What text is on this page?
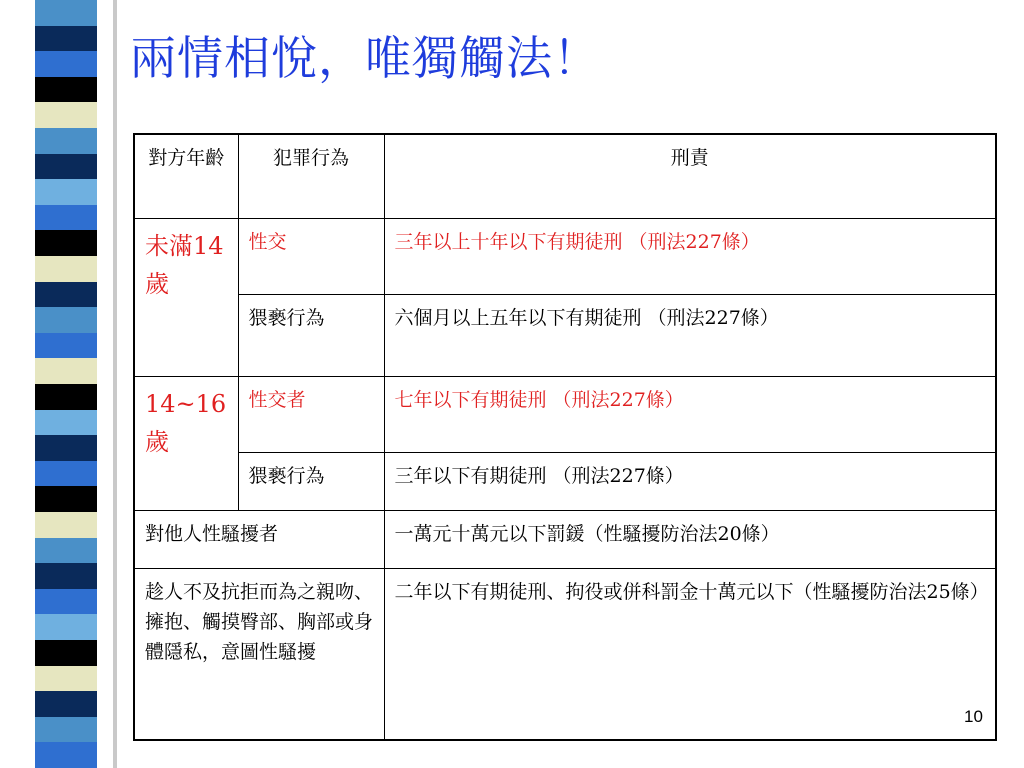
兩情相悅，唯獨觸法！
對方年齡	犯罪行為	刑責
未滿14歲	性交	三年以上十年以下有期徒刑 （刑法227條）
	猥褻行為	六個月以上五年以下有期徒刑 （刑法227條）
14~16歲	性交者	七年以下有期徒刑 （刑法227條）
	猥褻行為	三年以下有期徒刑 （刑法227條）
對他人性騷擾者		一萬元十萬元以下罰鍰（性騷擾防治法20條）
趁人不及抗拒而為之親吻、擁抱、觸摸臀部、胸部或身體隱私，意圖性騷擾		二年以下有期徒刑、拘役或併科罰金十萬元以下（性騷擾防治法25條）
10
